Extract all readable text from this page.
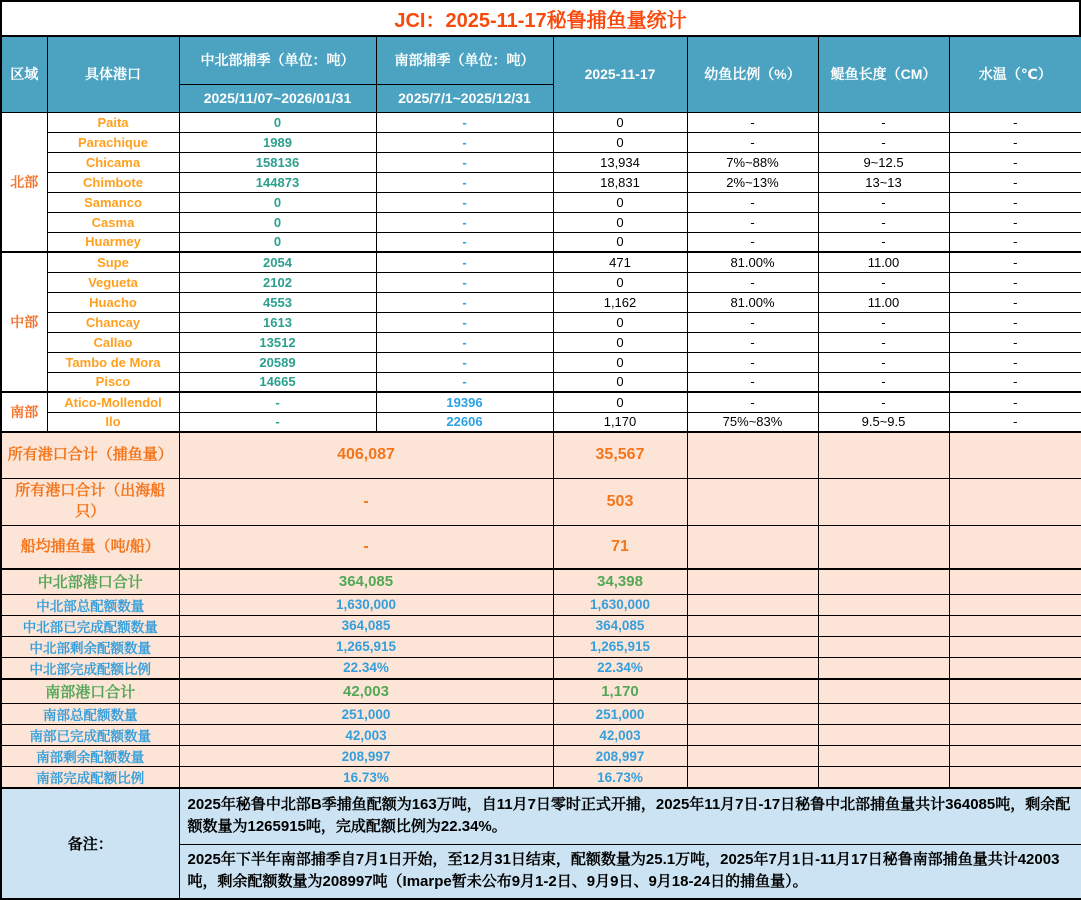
JCI：2025-11-17秘鲁捕鱼量统计
区域	具体港口	中北部捕季（单位：吨）	南部捕季（单位：吨）	2025-11-17	幼鱼比例（%）	鳀鱼长度（CM）	水温（℃）
		2025/11/07~2026/01/31	2025/7/1~2025/12/31				
北部	Paita	0	-	0	-	-	-
	Parachique	1989	-	0	-	-	-
	Chicama	158136	-	13,934	7%~88%	9~12.5	-
	Chimbote	144873	-	18,831	2%~13%	13~13	-
	Samanco	0	-	0	-	-	-
	Casma	0	-	0	-	-	-
	Huarmey	0	-	0	-	-	-
中部	Supe	2054	-	471	81.00%	11.00	-
	Vegueta	2102	-	0	-	-	-
	Huacho	4553	-	1,162	81.00%	11.00	-
	Chancay	1613	-	0	-	-	-
	Callao	13512	-	0	-	-	-
	Tambo de Mora	20589	-	0	-	-	-
	Pisco	14665	-	0	-	-	-
南部	Atico-Mollendol	-	19396	0	-	-	-
	Ilo	-	22606	1,170	75%~83%	9.5~9.5	-
所有港口合计（捕鱼量）		406,087		35,567			
所有港口合计（出海船只）		-		503			
船均捕鱼量（吨/船）		-		71			
中北部港口合计		364,085		34,398			
中北部总配额数量		1,630,000		1,630,000			
中北部已完成配额数量		364,085		364,085			
中北部剩余配额数量		1,265,915		1,265,915			
中北部完成配额比例		22.34%		22.34%			
南部港口合计		42,003		1,170			
南部总配额数量		251,000		251,000			
南部已完成配额数量		42,003		42,003			
南部剩余配额数量		208,997		208,997			
南部完成配额比例		16.73%		16.73%			
备注：		2025年秘鲁中北部B季捕鱼配额为163万吨，自11月7日零时正式开捕，2025年11月7日-17日秘鲁中北部捕鱼量共计364085吨，剩余配额数量为1265915吨，完成配额比例为22.34%。					
		2025年下半年南部捕季自7月1日开始，至12月31日结束，配额数量为25.1万吨，2025年7月1日-11月17日秘鲁南部捕鱼量共计42003吨，剩余配额数量为208997吨（Imarpe暂未公布9月1-2日、9月9日、9月18-24日的捕鱼量）。					
